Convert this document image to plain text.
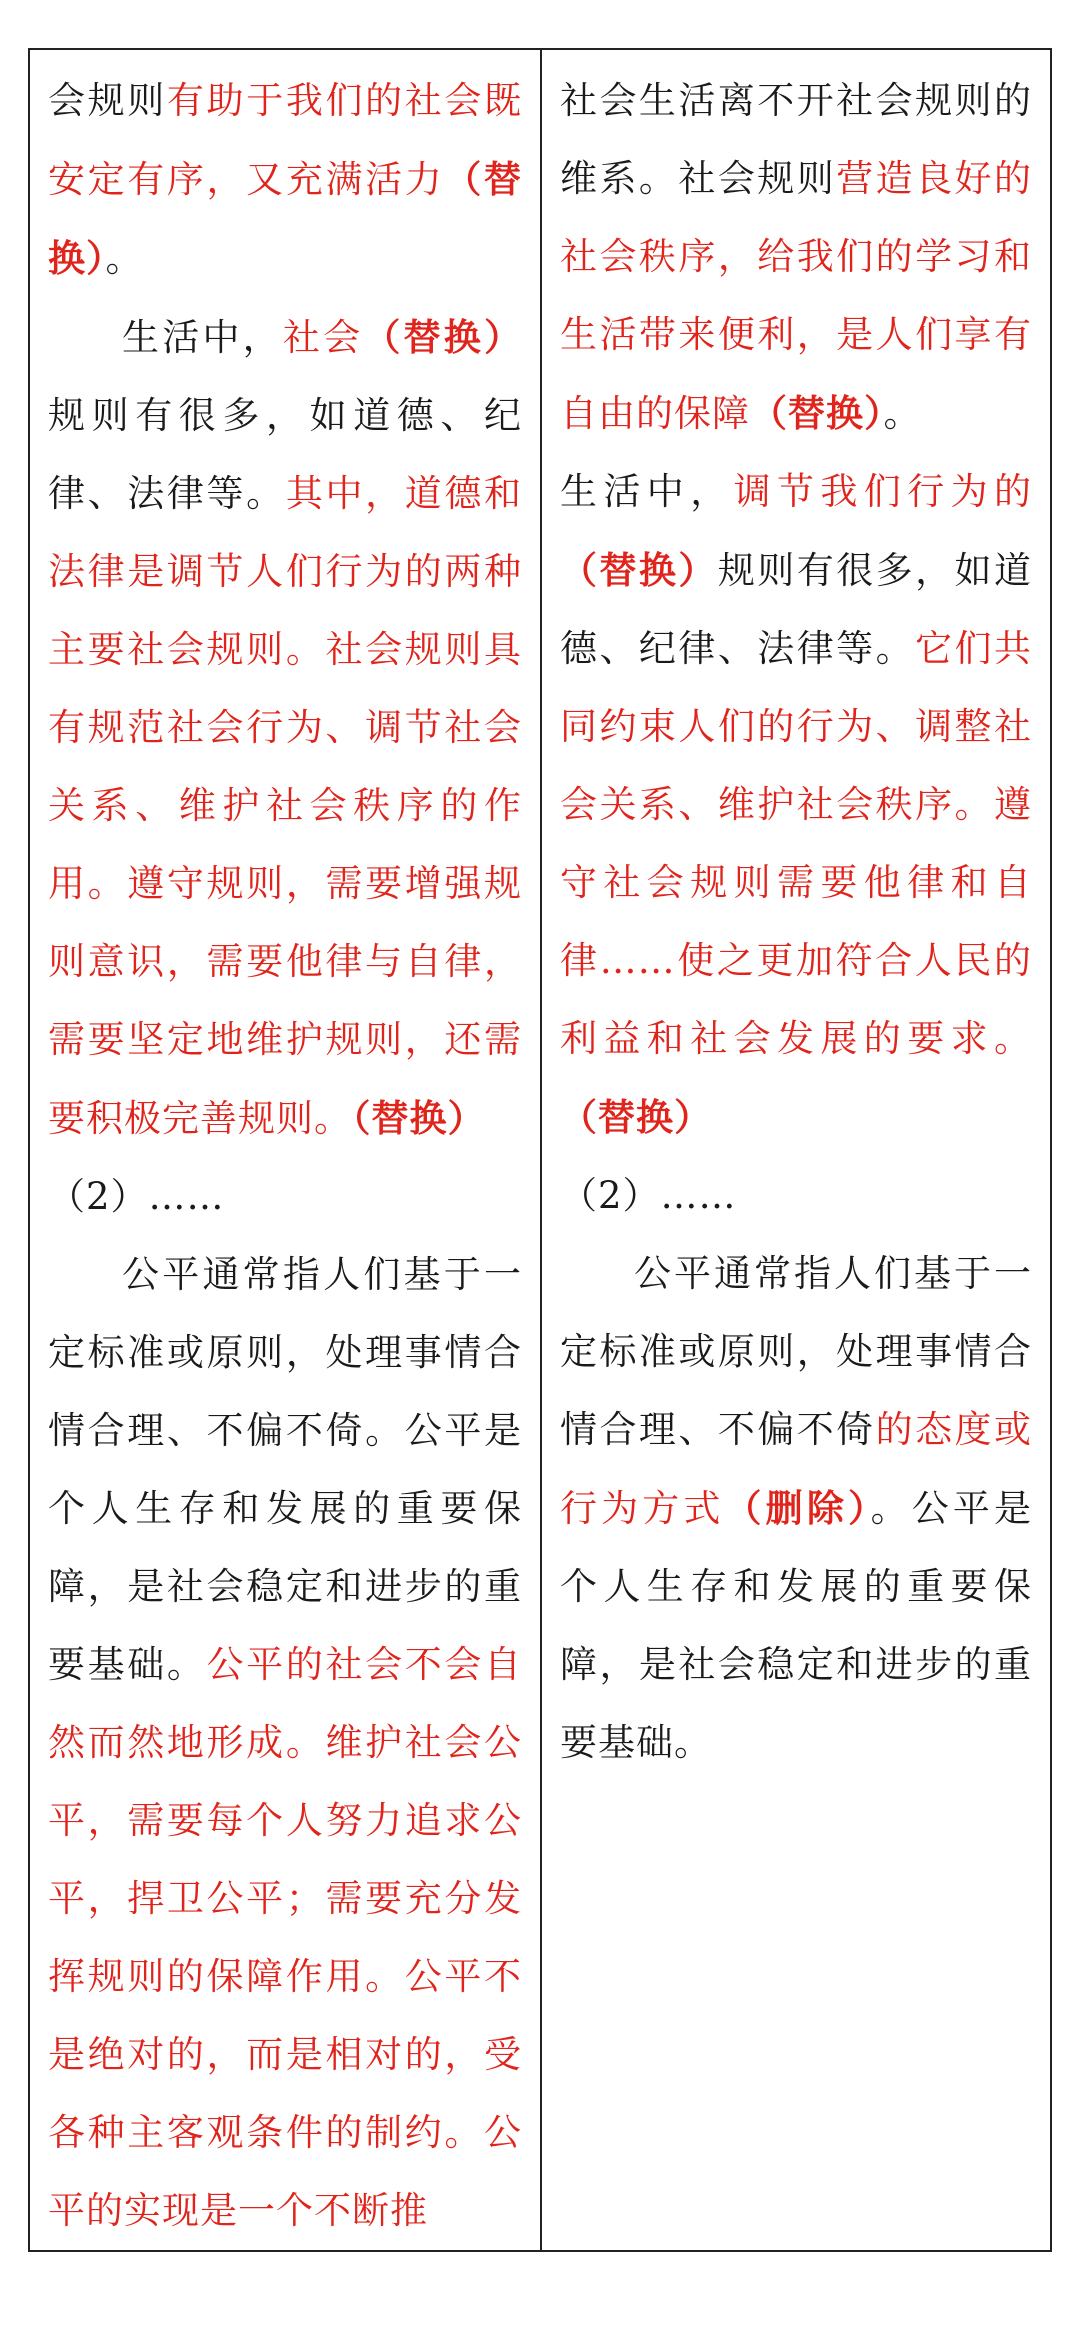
会规则有助于我们的社会既安定有序，又充满活力（替换）。

生活中，社会（替换）规则有很多，如道德、纪律、法律等。其中，道德和法律是调节人们行为的两种主要社会规则。社会规则具有规范社会行为、调节社会关系、维护社会秩序的作用。遵守规则，需要增强规则意识，需要他律与自律，需要坚定地维护规则，还需要积极完善规则。（替换）

（2）……

公平通常指人们基于一定标准或原则，处理事情合情合理、不偏不倚。公平是个人生存和发展的重要保障，是社会稳定和进步的重要基础。公平的社会不会自然而然地形成。维护社会公平，需要每个人努力追求公平，捍卫公平；需要充分发挥规则的保障作用。公平不是绝对的，而是相对的，受各种主客观条件的制约。公平的实现是一个不断推

社会生活离不开社会规则的维系。社会规则营造良好的社会秩序，给我们的学习和生活带来便利，是人们享有自由的保障（替换）。

生活中，调节我们行为的（替换）规则有很多，如道德、纪律、法律等。它们共同约束人们的行为、调整社会关系、维护社会秩序。遵守社会规则需要他律和自律……使之更加符合人民的利益和社会发展的要求。（替换）

（2）……

公平通常指人们基于一定标准或原则，处理事情合情合理、不偏不倚的态度或行为方式（删除）。公平是个人生存和发展的重要保障，是社会稳定和进步的重要基础。
